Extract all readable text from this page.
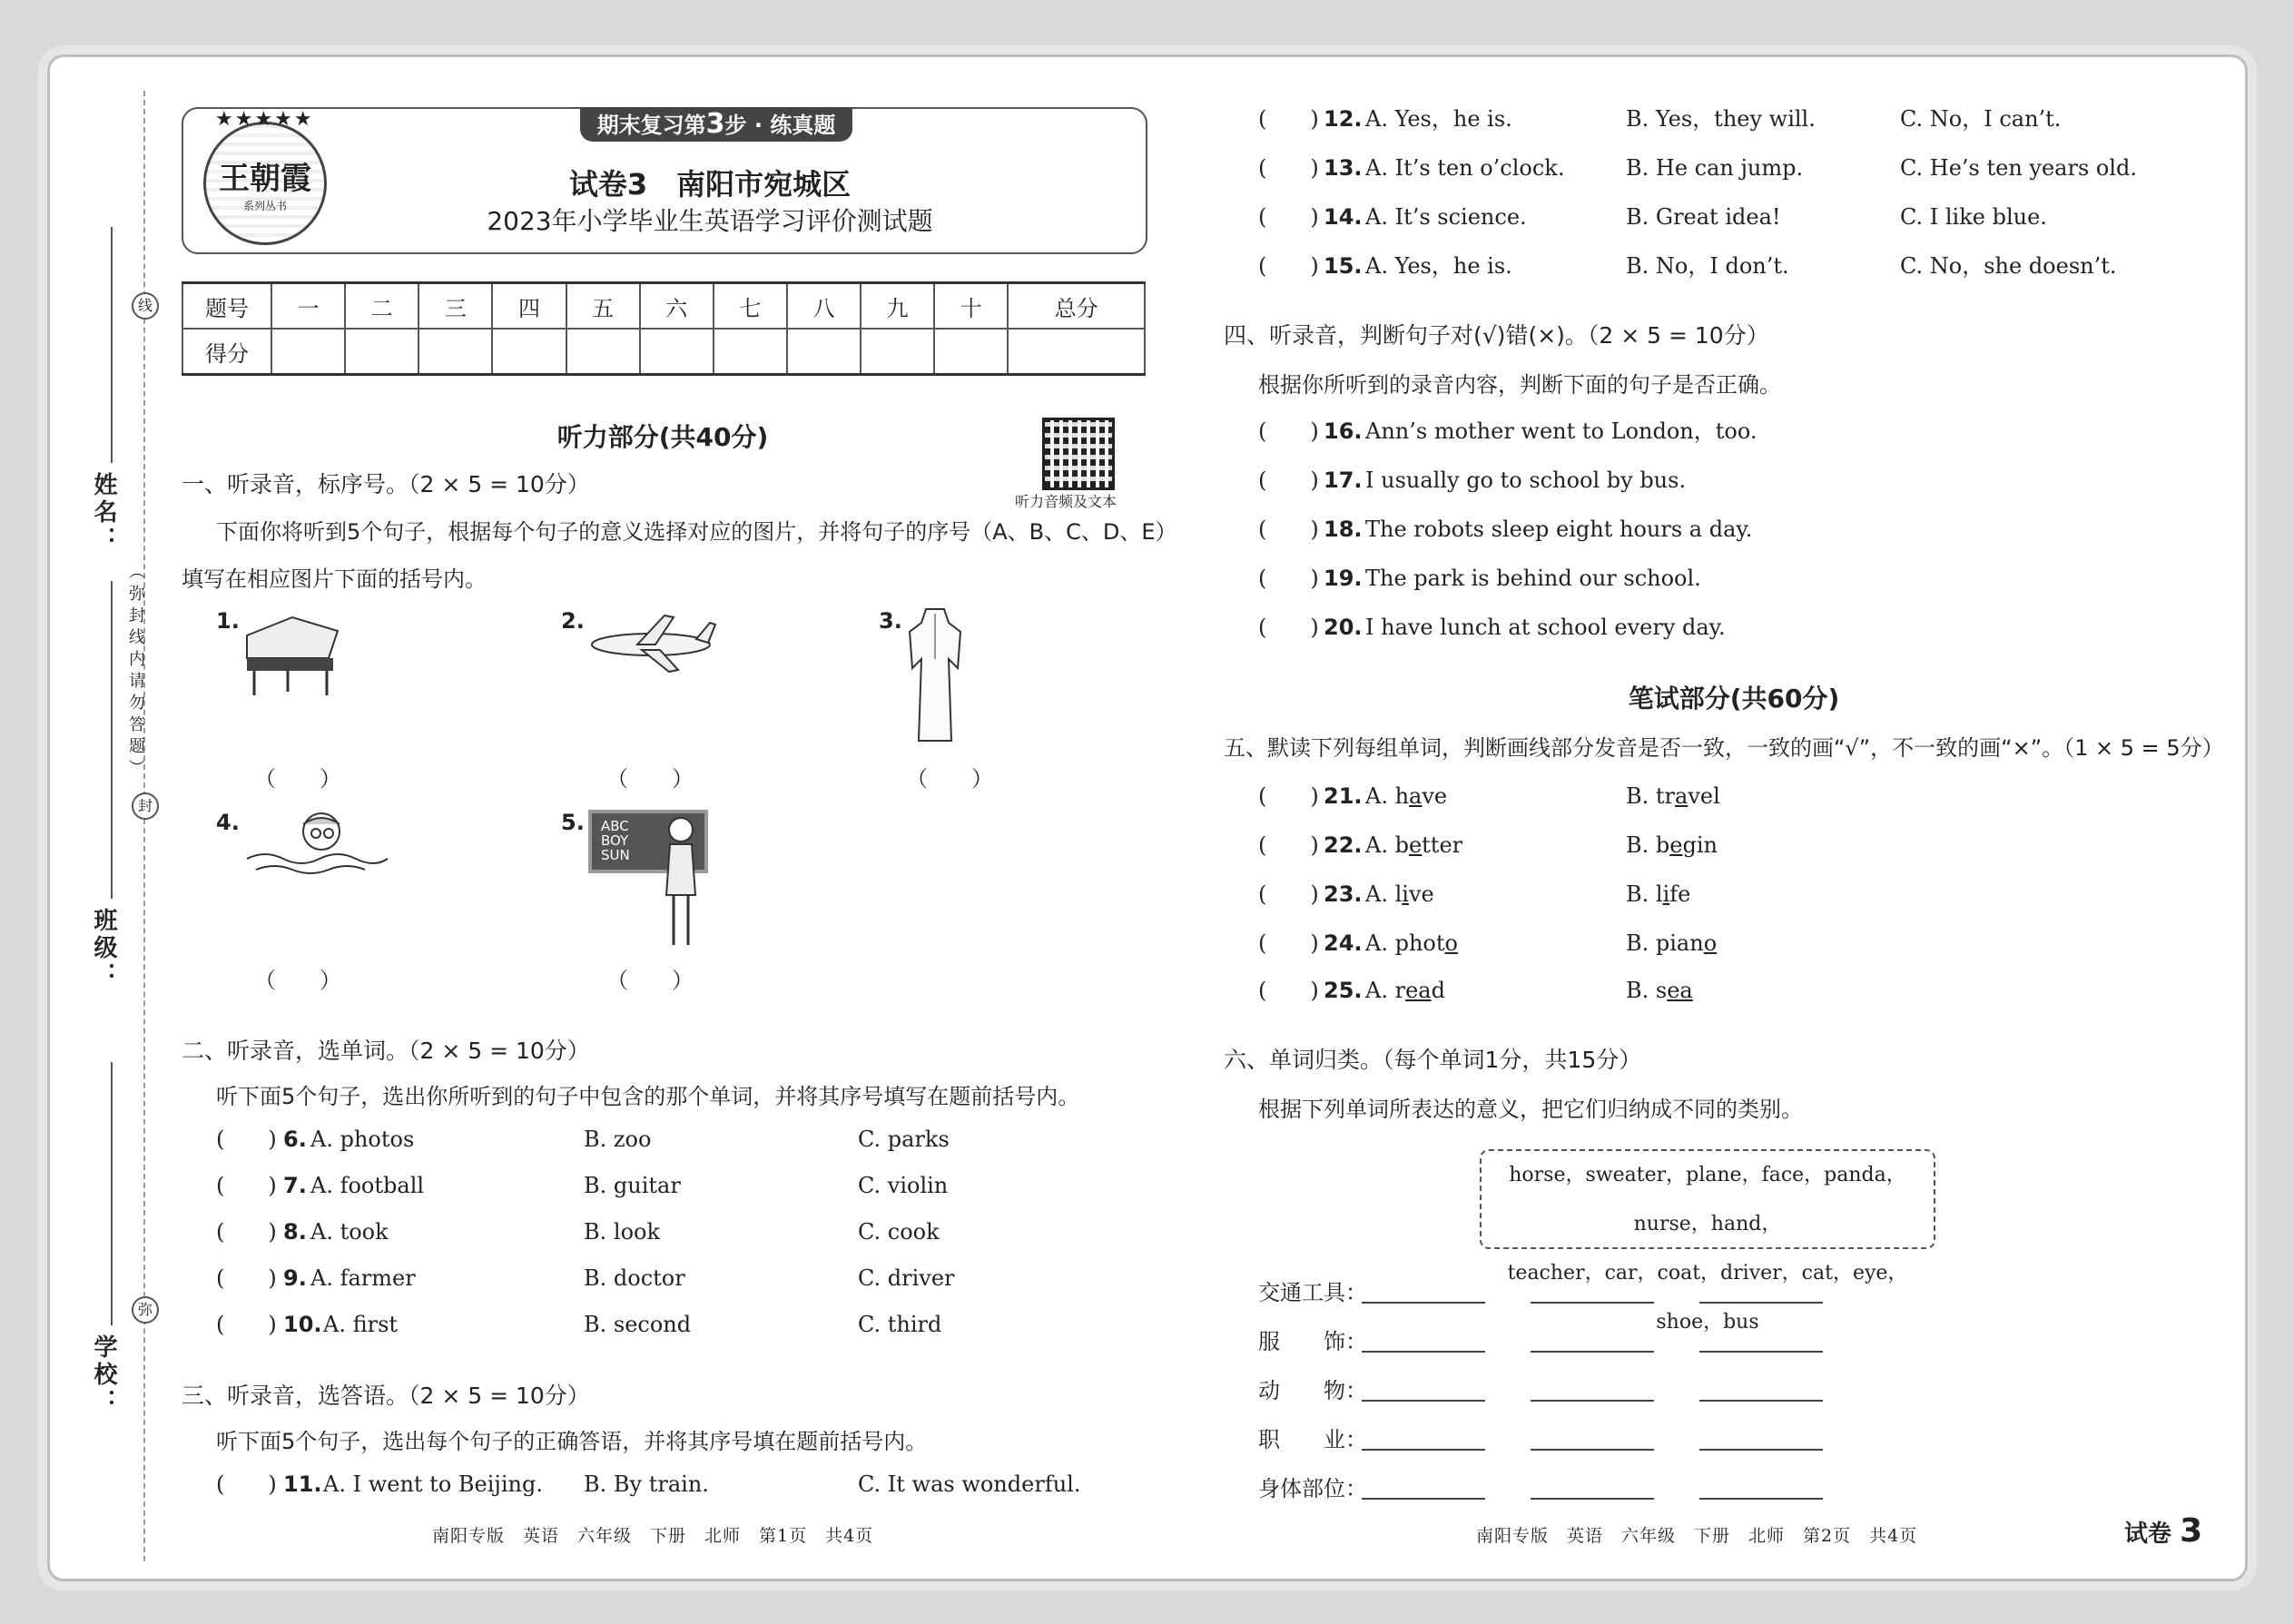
姓名：
班级：
学校：
线
封
弥
（弥封线内请勿答题）
期末复习第3步 · 练真题
★★★★★
王朝霞
系列丛书
试卷3　南阳市宛城区
2023年小学毕业生英语学习评价测试题
题号	一	二	三	四	五	六	七	八	九	十	总分
得分											
听力部分(共40分)
听力音频及文本
一、听录音，标序号。（2 × 5 = 10分）
下面你将听到5个句子，根据每个句子的意义选择对应的图片，并将句子的序号（A、B、C、D、E）
填写在相应图片下面的括号内。
1.
（　　）
2.
（　　）
3.
（　　）
4.
（　　）
5. ABC
BOY
SUN
（　　）
二、听录音，选单词。（2 × 5 = 10分）
听下面5个句子，选出你所听到的句子中包含的那个单词，并将其序号填写在题前括号内。
(　　) 6. A. photos	B. zoo	C. parks
(　　) 7. A. football	B. guitar	C. violin
(　　) 8. A. took	B. look	C. cook
(　　) 9. A. farmer	B. doctor	C. driver
(　　) 10. A. first	B. second	C. third
三、听录音，选答语。（2 × 5 = 10分）
听下面5个句子，选出每个句子的正确答语，并将其序号填在题前括号内。
(　　) 11. A. I went to Beijing. B. By train.	C. It was wonderful.
(　　) 12. A. Yes，he is.	B. Yes，they will.	C. No，I can’t.
(　　) 13. A. It’s ten o’clock.	B. He can jump.	C. He’s ten years old.
(　　) 14. A. It’s science.	B. Great idea!	C. I like blue.
(　　) 15. A. Yes，he is.	B. No，I don’t.	C. No，she doesn’t.
四、听录音，判断句子对(√)错(×)。（2 × 5 = 10分）
根据你所听到的录音内容，判断下面的句子是否正确。
(　　) 16. Ann’s mother went to London，too.
(　　) 17. I usually go to school by bus.
(　　) 18. The robots sleep eight hours a day.
(　　) 19. The park is behind our school.
(　　) 20. I have lunch at school every day.
笔试部分(共60分)
五、默读下列每组单词，判断画线部分发音是否一致，一致的画“√”，不一致的画“×”。（1 × 5 = 5分）
(　　) 21. A. have	B. travel
(　　) 22. A. better	B. begin
(　　) 23. A. live	B. life
(　　) 24. A. photo	B. piano
(　　) 25. A. read	B. sea
六、单词归类。（每个单词1分，共15分）
根据下列单词所表达的意义，把它们归纳成不同的类别。
horse，sweater，plane，face，panda，nurse，hand，
teacher，car，coat，driver，cat，eye，shoe，bus
交通工具：
服　　饰：
动　　物：
职　　业：
身体部位：
南阳专版　英语　六年级　下册　北师　第1页　共4页	南阳专版　英语　六年级　下册　北师　第2页　共4页	试卷 3
